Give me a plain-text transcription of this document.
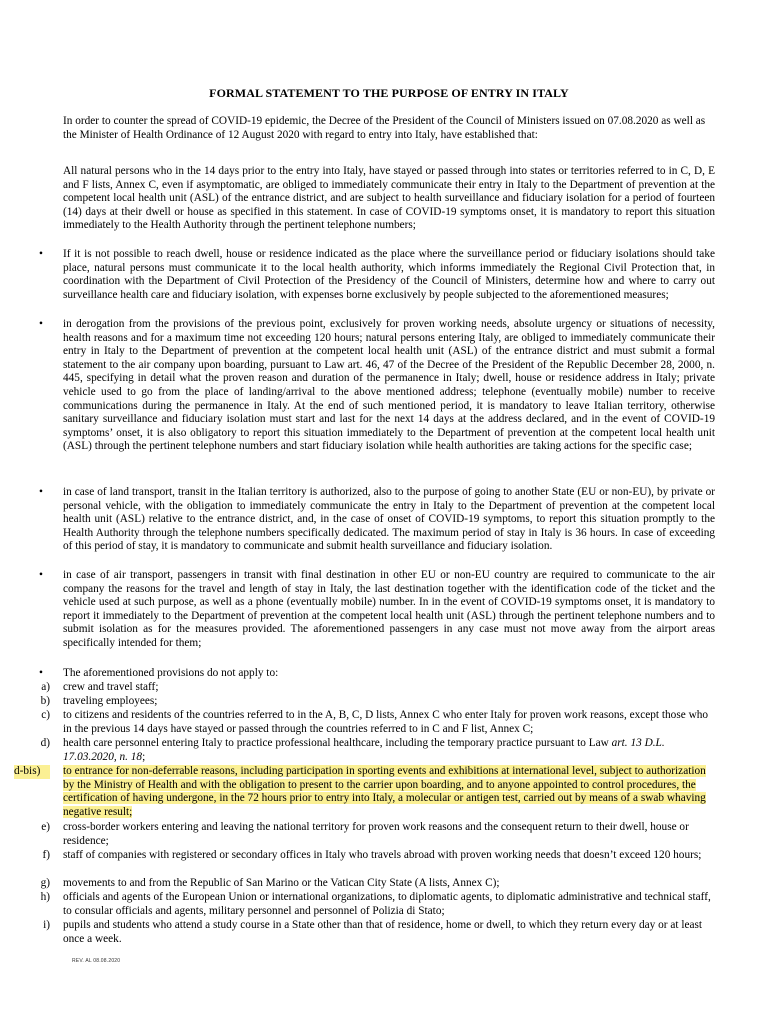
FORMAL STATEMENT TO THE PURPOSE OF ENTRY IN ITALY
In order to counter the spread of COVID-19 epidemic, the Decree of the President of the Council of Ministers issued on 07.08.2020 as well as the Minister of Health Ordinance of 12 August 2020 with regard to entry into Italy, have established that:
All natural persons who in the 14 days prior to the entry into Italy, have stayed or passed through into states or territories referred to in C, D, E and F lists, Annex C, even if asymptomatic, are obliged to immediately communicate their entry in Italy to the Department of prevention at the competent local health unit (ASL) of the entrance district, and are subject to health surveillance and fiduciary isolation for a period of fourteen (14) days at their dwell or house as specified in this statement. In case of COVID-19 symptoms onset, it is mandatory to report this situation immediately to the Health Authority through the pertinent telephone numbers;
• If it is not possible to reach dwell, house or residence indicated as the place where the surveillance period or fiduciary isolations should take place, natural persons must communicate it to the local health authority, which informs immediately the Regional Civil Protection that, in coordination with the Department of Civil Protection of the Presidency of the Council of Ministers, determine how and where to carry out surveillance health care and fiduciary isolation, with expenses borne exclusively by people subjected to the aforementioned measures;
• in derogation from the provisions of the previous point, exclusively for proven working needs, absolute urgency or situations of necessity, health reasons and for a maximum time not exceeding 120 hours; natural persons entering Italy, are obliged to immediately communicate their entry in Italy to the Department of prevention at the competent local health unit (ASL) of the entrance district and must submit a formal statement to the air company upon boarding, pursuant to Law art. 46, 47 of the Decree of the President of the Republic December 28, 2000, n. 445, specifying in detail what the proven reason and duration of the permanence in Italy; dwell, house or residence address in Italy; private vehicle used to go from the place of landing/arrival to the above mentioned address; telephone (eventually mobile) number to receive communications during the permanence in Italy. At the end of such mentioned period, it is mandatory to leave Italian territory, otherwise sanitary surveillance and fiduciary isolation must start and last for the next 14 days at the address declared, and in the event of COVID-19 symptoms’ onset, it is also obligatory to report this situation immediately to the Department of prevention at the competent local health unit (ASL) through the pertinent telephone numbers and start fiduciary isolation while health authorities are taking actions for the specific case;
• in case of land transport, transit in the Italian territory is authorized, also to the purpose of going to another State (EU or non-EU), by private or personal vehicle, with the obligation to immediately communicate the entry in Italy to the Department of prevention at the competent local health unit (ASL) relative to the entrance district, and, in the case of onset of COVID-19 symptoms, to report this situation promptly to the Health Authority through the telephone numbers specifically dedicated. The maximum period of stay in Italy is 36 hours. In case of exceeding of this period of stay, it is mandatory to communicate and submit health surveillance and fiduciary isolation.
• in case of air transport, passengers in transit with final destination in other EU or non-EU country are required to communicate to the air company the reasons for the travel and length of stay in Italy, the last destination together with the identification code of the ticket and the vehicle used at such purpose, as well as a phone (eventually mobile) number. In in the event of COVID-19 symptoms onset, it is mandatory to report it immediately to the Department of prevention at the competent local health unit (ASL) through the pertinent telephone numbers and to submit isolation as for the measures provided. The aforementioned passengers in any case must not move away from the airport areas specifically intended for them;
• The aforementioned provisions do not apply to:
a) crew and travel staff;
b) traveling employees;
c) to citizens and residents of the countries referred to in the A, B, C, D lists, Annex C who enter Italy for proven work reasons, except those who in the previous 14 days have stayed or passed through the countries referred to in C and F list, Annex C;
d) health care personnel entering Italy to practice professional healthcare, including the temporary practice pursuant to Law art. 13 D.L. 17.03.2020, n. 18;
d-bis)	to entrance for non-deferrable reasons, including participation in sporting events and exhibitions at international level, subject to authorization by the Ministry of Health and with the obligation to present to the carrier upon boarding, and to anyone appointed to control procedures, the certification of having undergone, in the 72 hours prior to entry into Italy, a molecular or antigen test, carried out by means of a swab whaving negative result;
e) cross-border workers entering and leaving the national territory for proven work reasons and the consequent return to their dwell, house or residence;
f) staff of companies with registered or secondary offices in Italy who travels abroad with proven working needs that doesn’t exceed 120 hours;
g) movements to and from the Republic of San Marino or the Vatican City State (A lists, Annex C);
h) officials and agents of the European Union or international organizations, to diplomatic agents, to diplomatic administrative and technical staff, to consular officials and agents, military personnel and personnel of Polizia di Stato;
i) pupils and students who attend a study course in a State other than that of residence, home or dwell, to which they return every day or at least once a week.
REV. AL 08.08.2020
